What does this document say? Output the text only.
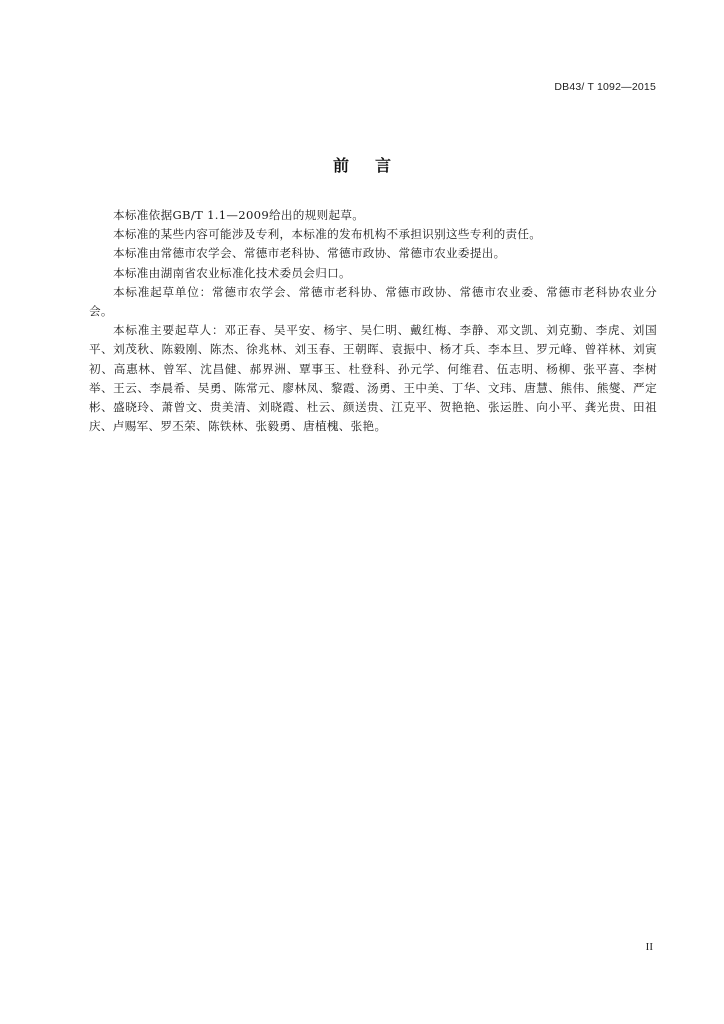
DB43/ T 1092—2015
前言

本标准依据GB/T 1.1—2009给出的规则起草。

本标准的某些内容可能涉及专利，本标准的发布机构不承担识别这些专利的责任。

本标准由常德市农学会、常德市老科协、常德市政协、常德市农业委提出。

本标准由湖南省农业标准化技术委员会归口。

本标准起草单位：常德市农学会、常德市老科协、常德市政协、常德市农业委、常德市老科协农业分会。

本标准主要起草人：邓正春、吴平安、杨宇、吴仁明、戴红梅、李静、邓文凯、刘克勤、李虎、刘国平、刘茂秋、陈毅刚、陈杰、徐兆林、刘玉春、王朝晖、袁振中、杨才兵、李本旦、罗元峰、曾祥林、刘寅初、高惠林、曾军、沈昌健、郝界洲、覃事玉、杜登科、孙元学、何维君、伍志明、杨柳、张平喜、李树举、王云、李晨希、吴勇、陈常元、廖林凤、黎霞、汤勇、王中美、丁华、文玮、唐慧、熊伟、熊燮、严定彬、盛晓玲、萧曾文、贵美清、刘晓霞、杜云、颜送贵、江克平、贺艳艳、张运胜、向小平、龚光贵、田祖庆、卢赐军、罗丕荣、陈铁林、张毅勇、唐植槐、张艳。

II
